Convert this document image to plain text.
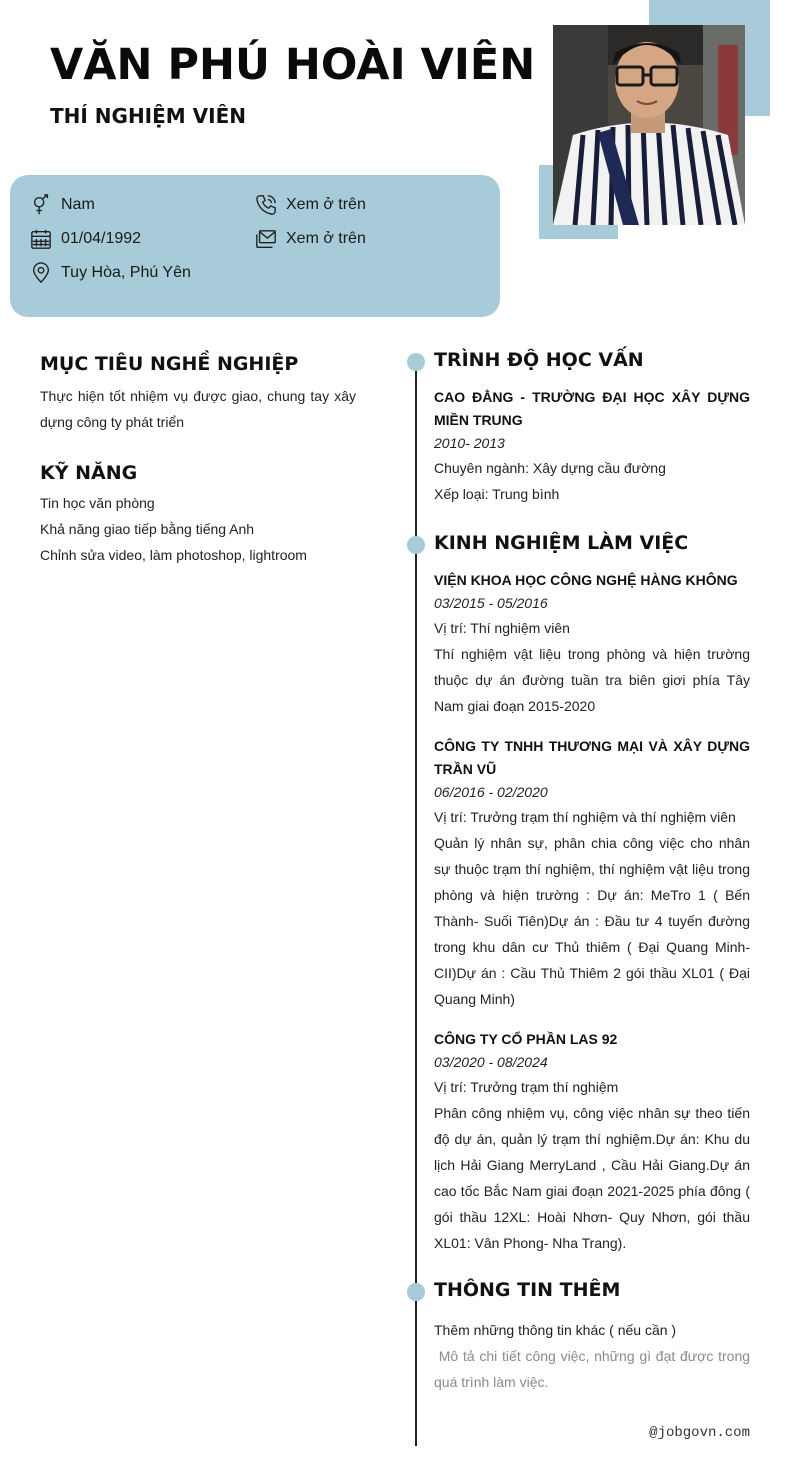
VĂN PHÚ HOÀI VIÊN
THÍ NGHIỆM VIÊN
Nam
01/04/1992
Tuy Hòa, Phú Yên
Xem ở trên
Xem ở trên
MỤC TIÊU NGHỀ NGHIỆP

Thực hiện tốt nhiệm vụ được giao, chung tay xây dựng công ty phát triển

KỸ NĂNG
Tin học văn phòng
Khả năng giao tiếp bằng tiếng Anh
Chỉnh sửa video, làm photoshop, lightroom
TRÌNH ĐỘ HỌC VẤN
CAO ĐẲNG - TRƯỜNG ĐẠI HỌC XÂY DỰNG MIỀN TRUNG
2010- 2013
Chuyên ngành: Xây dựng cầu đường
Xếp loại: Trung bình
KINH NGHIỆM LÀM VIỆC
VIỆN KHOA HỌC CÔNG NGHỆ HÀNG KHÔNG
03/2015 - 05/2016
Vị trí: Thí nghiệm viên
Thí nghiệm vật liệu trong phòng và hiện trường thuộc dự án đường tuần tra biên giơi phía Tây Nam giai đoạn 2015-2020
CÔNG TY TNHH THƯƠNG MẠI VÀ XÂY DỰNG TRẦN VŨ
06/2016 - 02/2020
Vị trí: Trưởng trạm thí nghiệm và thí nghiệm viên
Quản lý nhân sự, phân chia công việc cho nhân sự thuộc trạm thí nghiệm, thí nghiệm vật liệu trong phòng và hiện trường : Dự án: MeTro 1 ( Bến Thành- Suối Tiên)Dự án : Đầu tư 4 tuyến đường trong khu dân cư Thủ thiêm ( Đại Quang Minh- CII)Dự án : Cầu Thủ Thiêm 2 gói thầu XL01 ( Đại Quang Minh)
CÔNG TY CỔ PHẦN LAS 92
03/2020 - 08/2024
Vị trí: Trưởng trạm thí nghiệm
Phân công nhiệm vụ, công việc nhân sự theo tiến độ dự án, quản lý trạm thí nghiệm.Dự án: Khu du lịch Hải Giang MerryLand , Cầu Hải Giang.Dự án cao tốc Bắc Nam giai đoạn 2021-2025 phía đông ( gói thầu 12XL: Hoài Nhơn- Quy Nhơn, gói thầu XL01: Vân Phong- Nha Trang).
THÔNG TIN THÊM
Thêm những thông tin khác ( nếu cần )
Mô tả chi tiết công việc, những gì đạt được trong quá trình làm việc.
@jobgovn.com
